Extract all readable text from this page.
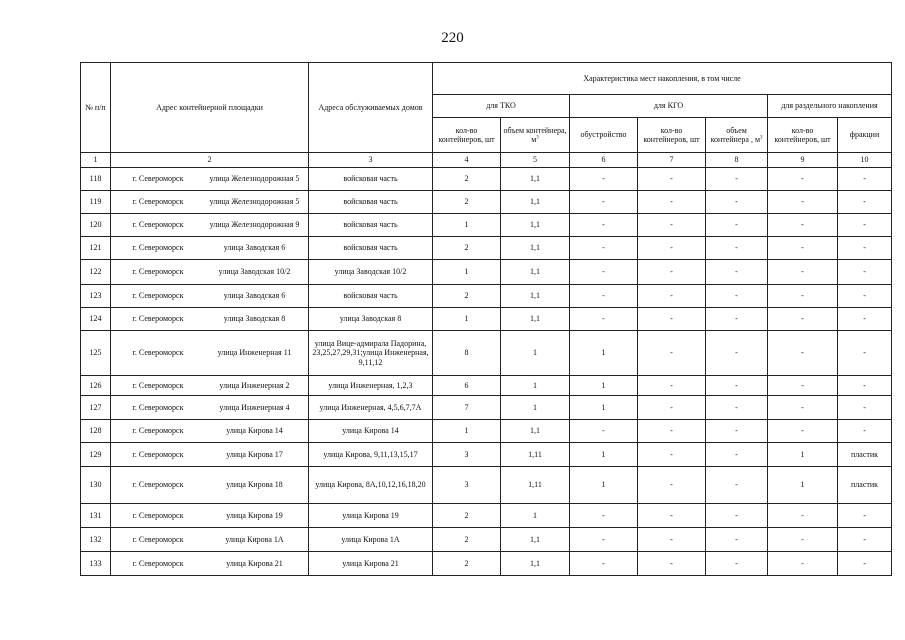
220
№ п/п	Адрес контейнерной площадки	Адреса обслуживаемых домов	Характеристика мест накопления, в том числе						
			для ТКО		для КГО			для раздельного накопления	
			кол-во контейнеров, шт	объем контейнера, $м^3$	обустройство	кол-во контейнеров, шт	объем контейнера , $м^3$	кол-во контейнеров, шт	фракции
1	2	3	4	5	6	7	8	9	10
118	г. Североморск улица Железнодорожная 5	войсковая часть	2	1,1	-	-	-	-	-
119	г. Североморск улица Железнодорожная 5	войсковая часть	2	1,1	-	-	-	-	-
120	г. Североморск улица Железнодорожная 9	войсковая часть	1	1,1	-	-	-	-	-
121	г. Североморск улица Заводская 6	войсковая часть	2	1,1	-	-	-	-	-
122	г. Североморск улица Заводская 10/2	улица Заводская 10/2	1	1,1	-	-	-	-	-
123	г. Североморск улица Заводская 6	войсковая часть	2	1,1	-	-	-	-	-
124	г. Североморск улица Заводская 8	улица Заводская 8	1	1,1	-	-	-	-	-
125	г. Североморск улица Инженерная 11	улица Вице-адмирала Падорина, 23,25,27,29,31;улица Инженерная, 9,11,12	8	1	1	-	-	-	-
126	г. Североморск улица Инженерная 2	улица Инженерная, 1,2,3	6	1	1	-	-	-	-
127	г. Североморск улица Инженерная 4	улица Инженерная, 4,5,6,7,7А	7	1	1	-	-	-	-
128	г. Североморск улица Кирова 14	улица Кирова 14	1	1,1	-	-	-	-	-
129	г. Североморск улица Кирова 17	улица Кирова, 9,11,13,15,17	3	1,11	1	-	-	1	пластик
130	г. Североморск улица Кирова 18	улица Кирова, 8А,10,12,16,18,20	3	1,11	1	-	-	1	пластик
131	г. Североморск улица Кирова 19	улица Кирова 19	2	1	-	-	-	-	-
132	г. Североморск улица Кирова 1А	улица Кирова 1А	2	1,1	-	-	-	-	-
133	г. Североморск улица Кирова 21	улица Кирова 21	2	1,1	-	-	-	-	-
